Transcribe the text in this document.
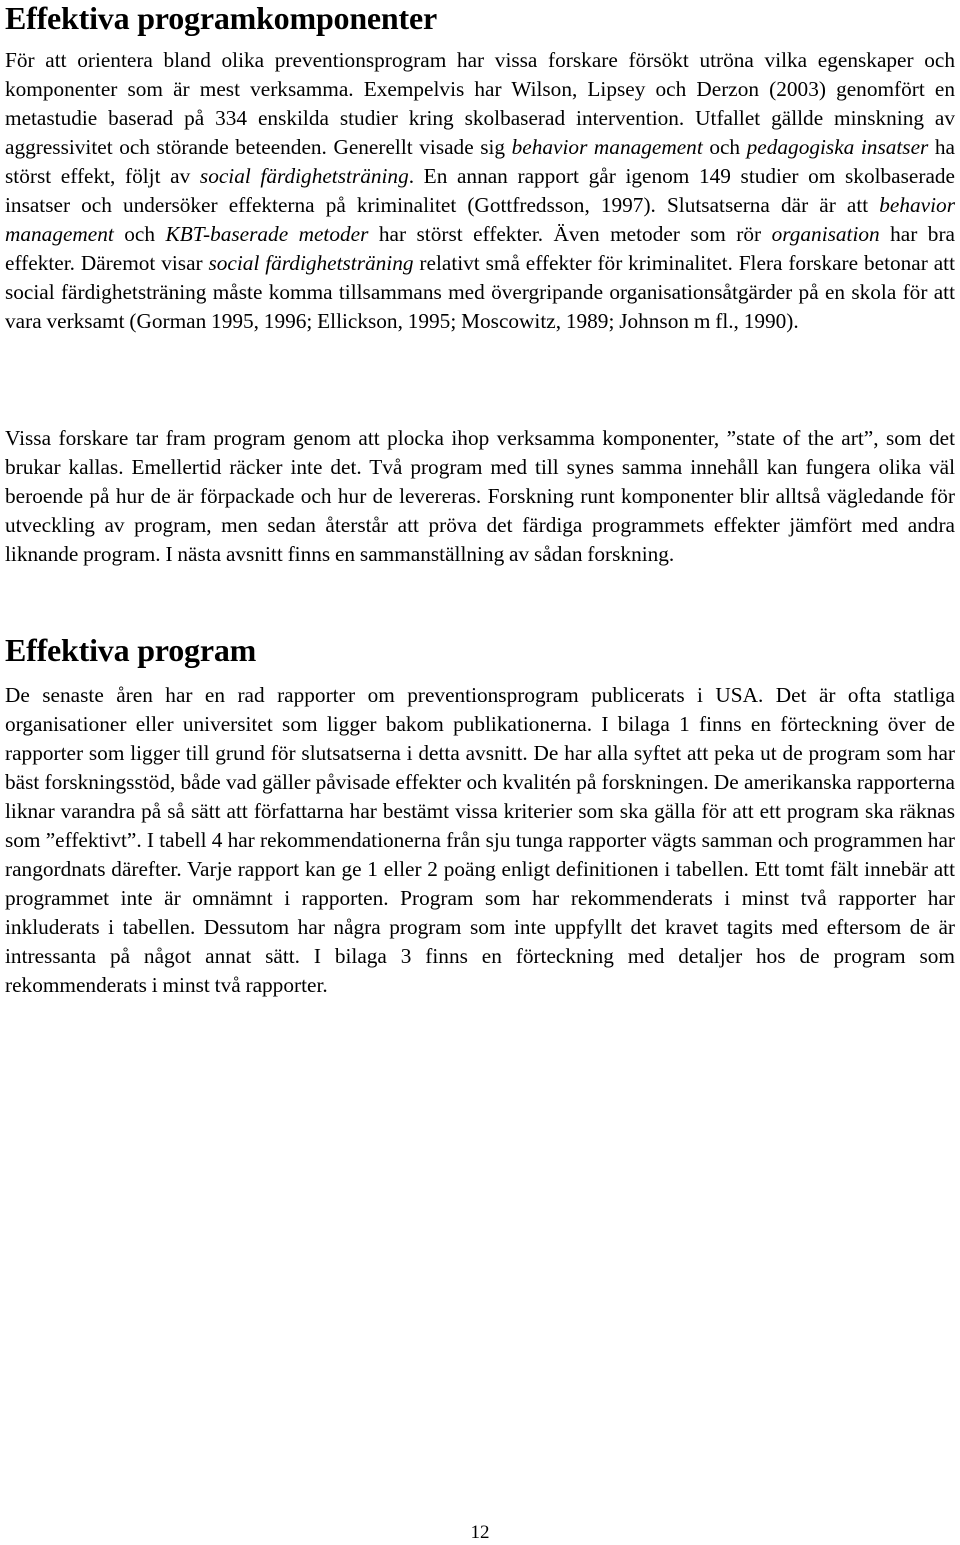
Effektiva programkomponenter

För att orientera bland olika preventionsprogram har vissa forskare försökt utröna vilka egenskaper och komponenter som är mest verksamma. Exempelvis har Wilson, Lipsey och Derzon (2003) genomfört en metastudie baserad på 334 enskilda studier kring skolbaserad intervention. Utfallet gällde minskning av aggressivitet och störande beteenden. Generellt visade sig behavior management och pedagogiska insatser ha störst effekt, följt av social färdighetsträning. En annan rapport går igenom 149 studier om skolbaserade insatser och undersöker effekterna på kriminalitet (Gottfredsson, 1997). Slutsatserna där är att behavior management och KBT-baserade metoder har störst effekter. Även metoder som rör organisation har bra effekter. Däremot visar social färdighetsträning relativt små effekter för kriminalitet. Flera forskare betonar att social färdighetsträning måste komma tillsammans med övergripande organisationsåtgärder på en skola för att vara verksamt (Gorman 1995, 1996; Ellickson, 1995; Moscowitz, 1989; Johnson m fl., 1990).

Vissa forskare tar fram program genom att plocka ihop verksamma komponenter, ”state of the art”, som det brukar kallas. Emellertid räcker inte det. Två program med till synes samma innehåll kan fungera olika väl beroende på hur de är förpackade och hur de levereras. Forskning runt komponenter blir alltså vägledande för utveckling av program, men sedan återstår att pröva det färdiga programmets effekter jämfört med andra liknande program. I nästa avsnitt finns en sammanställning av sådan forskning.

Effektiva program

De senaste åren har en rad rapporter om preventionsprogram publicerats i USA. Det är ofta statliga organisationer eller universitet som ligger bakom publikationerna. I bilaga 1 finns en förteckning över de rapporter som ligger till grund för slutsatserna i detta avsnitt. De har alla syftet att peka ut de program som har bäst forskningsstöd, både vad gäller påvisade effekter och kvalitén på forskningen. De amerikanska rapporterna liknar varandra på så sätt att författarna har bestämt vissa kriterier som ska gälla för att ett program ska räknas som ”effektivt”. I tabell 4 har rekommendationerna från sju tunga rapporter vägts samman och programmen har rangordnats därefter. Varje rapport kan ge 1 eller 2 poäng enligt definitionen i tabellen. Ett tomt fält innebär att programmet inte är omnämnt i rapporten. Program som har rekommenderats i minst två rapporter har inkluderats i tabellen. Dessutom har några program som inte uppfyllt det kravet tagits med eftersom de är intressanta på något annat sätt. I bilaga 3 finns en förteckning med detaljer hos de program som rekommenderats i minst två rapporter.

12
